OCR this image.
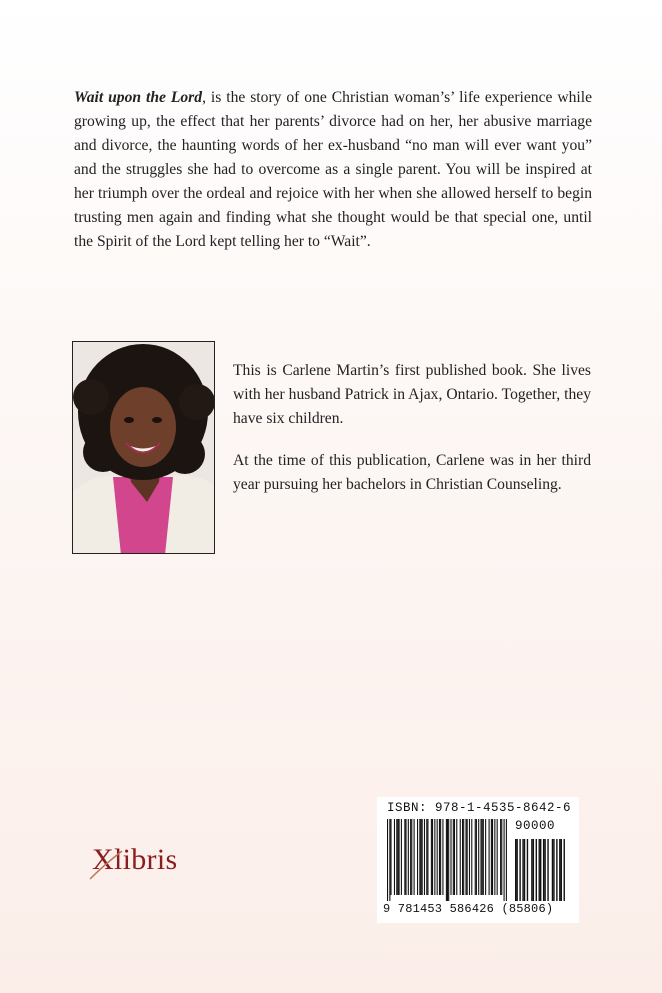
Wait upon the Lord, is the story of one Christian woman’s’ life experience while growing up, the effect that her parents’ divorce had on her, her abusive marriage and divorce, the haunting words of her ex-husband “no man will ever want you” and the struggles she had to overcome as a single parent. You will be inspired at her triumph over the ordeal and rejoice with her when she allowed herself to begin trusting men again and finding what she thought would be that special one, until the Spirit of the Lord kept telling her to “Wait”.

This is Carlene Martin’s first published book. She lives with her husband Patrick in Ajax, Ontario. Together, they have six children.

At the time of this publication, Carlene was in her third year pursuing her bachelors in Christian Counseling.

Xlibris
ISBN: 978-1-4535-8642-6
90000
9 781453 586426 (85806)
